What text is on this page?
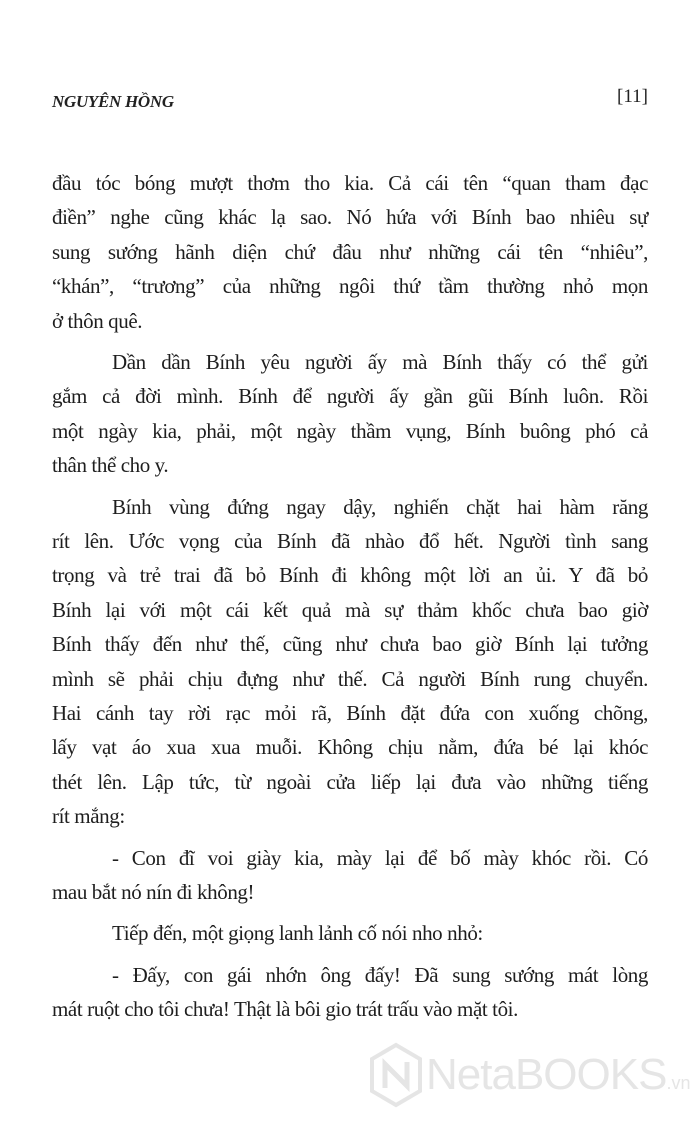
NGUYÊN HỒNG	[11]
đầu tóc bóng mượt thơm tho kia. Cả cái tên “quan tham đạc
điền” nghe cũng khác lạ sao. Nó hứa với Bính bao nhiêu sự
sung sướng hãnh diện chứ đâu như những cái tên “nhiêu”,
“khán”, “trương” của những ngôi thứ tầm thường nhỏ mọn
ở thôn quê.
Dần dần Bính yêu người ấy mà Bính thấy có thể gửi
gắm cả đời mình. Bính để người ấy gần gũi Bính luôn. Rồi
một ngày kia, phải, một ngày thầm vụng, Bính buông phó cả
thân thể cho y.
Bính vùng đứng ngay dậy, nghiến chặt hai hàm răng
rít lên. Ước vọng của Bính đã nhào đổ hết. Người tình sang
trọng và trẻ trai đã bỏ Bính đi không một lời an ủi. Y đã bỏ
Bính lại với một cái kết quả mà sự thảm khốc chưa bao giờ
Bính thấy đến như thế, cũng như chưa bao giờ Bính lại tưởng
mình sẽ phải chịu đựng như thế. Cả người Bính rung chuyển.
Hai cánh tay rời rạc mỏi rã, Bính đặt đứa con xuống chõng,
lấy vạt áo xua xua muỗi. Không chịu nằm, đứa bé lại khóc
thét lên. Lập tức, từ ngoài cửa liếp lại đưa vào những tiếng
rít mắng:
- Con đĩ voi giày kia, mày lại để bố mày khóc rồi. Có
mau bắt nó nín đi không!
Tiếp đến, một giọng lanh lảnh cố nói nho nhỏ:
- Đấy, con gái nhớn ông đấy! Đã sung sướng mát lòng
mát ruột cho tôi chưa! Thật là bôi gio trát trấu vào mặt tôi.
NetaBOOKS.vn
